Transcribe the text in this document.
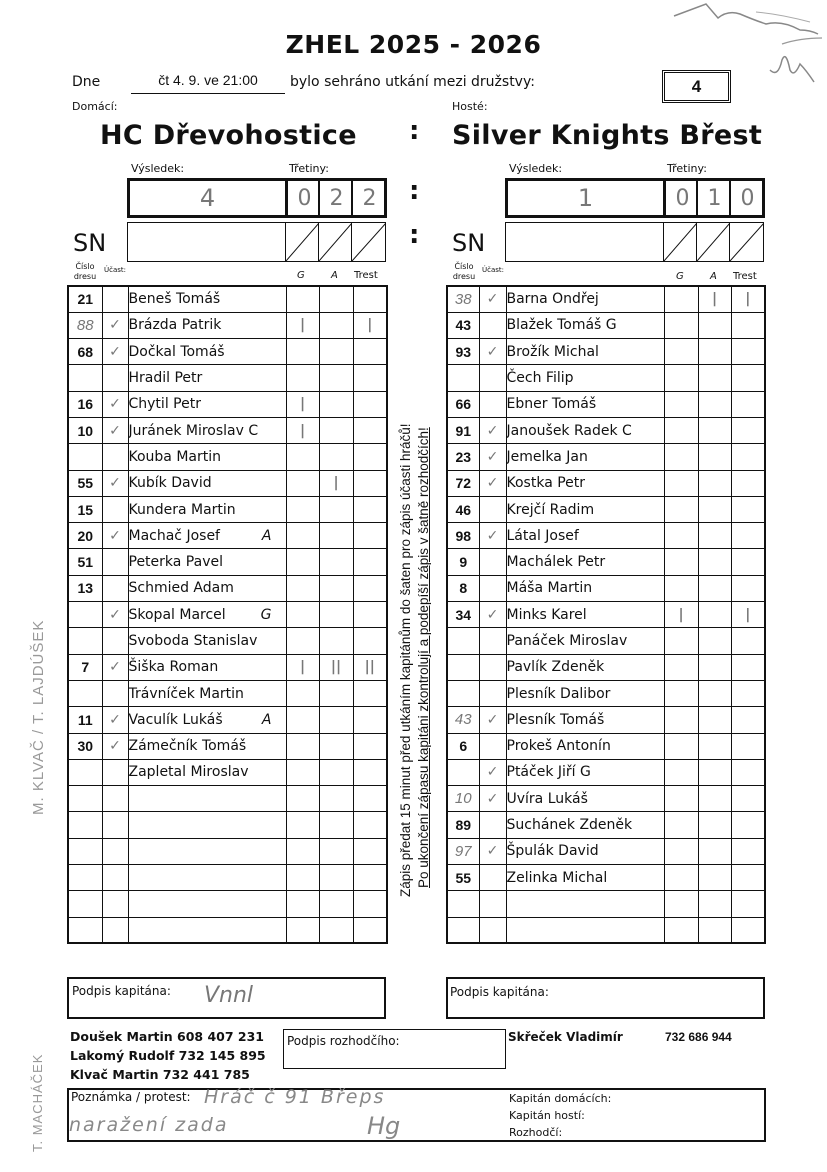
ZHEL 2025 - 2026
Dne	čt 4. 9. ve 21:00	bylo sehráno utkání mezi družstvy:	4
Domácí:	Hosté:
HC Dřevohostice	Silver Knights Břest
:
:
:
Výsledek:	Třetiny:
4	0 2 2
SN
Číslo dresu
Účast:	G	A Trest
21		Beneš Tomáš			
88	✓	Brázda Patrik	|		|
68	✓	Dočkal Tomáš			
		Hradil Petr			
16	✓	Chytil Petr	|		
10	✓	Juránek Miroslav C	|		
		Kouba Martin			
55	✓	Kubík David		|	
15		Kundera Martin			
20	✓	Machač Josef A			

51		Peterka Pavel			
13		Schmied Adam			
	✓	Skopal Marcel G			

		Svoboda Stanislav			
7	✓	Šiška Roman	|	||	||
		Trávníček Martin			
11	✓	Vaculík Lukáš A			

30	✓	Zámečník Tomáš			
		Zapletal Miroslav			

Výsledek:	Třetiny:
1	0 1 0
SN
Číslo dresu
Účast:
G	A Trest
38	✓	Barna Ondřej		|	|
43		Blažek Tomáš G			
93	✓	Brožík Michal			
		Čech Filip			
66		Ebner Tomáš			
91	✓	Janoušek Radek C			
23	✓	Jemelka Jan			
72	✓	Kostka Petr			
46		Krejčí Radim			
98	✓	Látal Josef			
9		Machálek Petr			
8		Máša Martin			
34	✓	Minks Karel	|		|
		Panáček Miroslav			
		Pavlík Zdeněk			
		Plesník Dalibor			
43	✓	Plesník Tomáš			
6		Prokeš Antonín			
	✓	Ptáček Jiří G			
10	✓	Uvíra Lukáš			
89		Suchánek Zdeněk			
97	✓	Špulák David			
55		Zelinka Michal			

Zápis předat 15 minut před utkáním kapitánům do šaten pro zápis účasti hráčů! Po ukončení zápasu kapitáni zkontrolují a podepíší zápis v šatně rozhodčích!
M. KLVAČ / T. LAJDÚŠEK
T. MACHÁČEK
Podpis kapitána: Vnnl	Podpis kapitána:
Doušek Martin 608 407 231
Lakomý Rudolf 732 145 895
Klvač Martin 732 441 785
Podpis rozhodčího:	Skřeček Vladimír	732 686 944
Poznámka / protest: Hráč č 91 Břeps
naražení zada	Hg
Kapitán domácích:
Kapitán hostí:
Rozhodčí:
